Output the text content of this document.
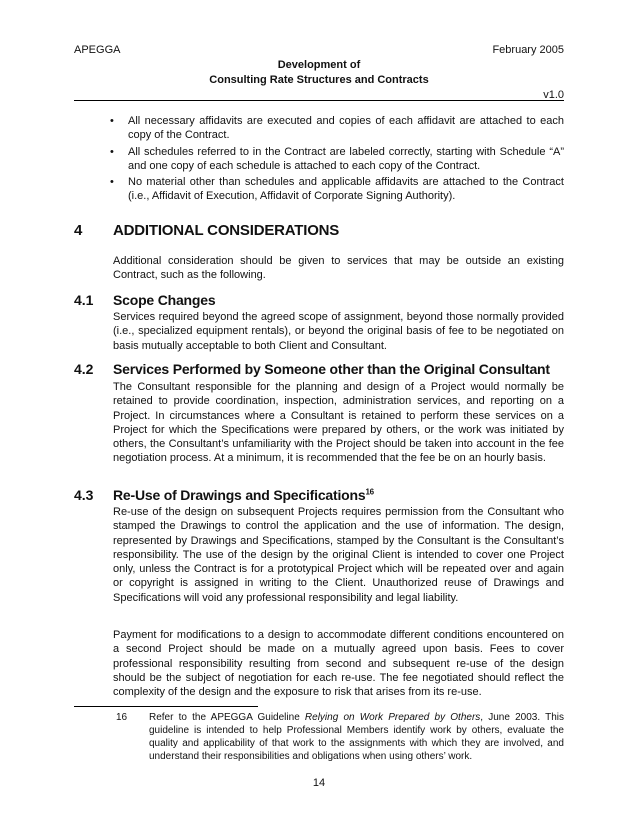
APEGGA	February 2005
Development of
Consulting Rate Structures and Contracts
v1.0
• All necessary affidavits are executed and copies of each affidavit are attached to each copy of the Contract.
• All schedules referred to in the Contract are labeled correctly, starting with Schedule “A” and one copy of each schedule is attached to each copy of the Contract.
• No material other than schedules and applicable affidavits are attached to the Contract (i.e., Affidavit of Execution, Affidavit of Corporate Signing Authority).
4 ADDITIONAL CONSIDERATIONS
Additional consideration should be given to services that may be outside an existing Contract, such as the following.
4.1 Scope Changes
Services required beyond the agreed scope of assignment, beyond those normally provided (i.e., specialized equipment rentals), or beyond the original basis of fee to be negotiated on basis mutually acceptable to both Client and Consultant.
4.2 Services Performed by Someone other than the Original Consultant
The Consultant responsible for the planning and design of a Project would normally be retained to provide coordination, inspection, administration services, and reporting on a Project. In circumstances where a Consultant is retained to perform these services on a Project for which the Specifications were prepared by others, or the work was initiated by others, the Consultant’s unfamiliarity with the Project should be taken into account in the fee negotiation process. At a minimum, it is recommended that the fee be on an hourly basis.
4.3 Re-Use of Drawings and Specifications$^{16}$
Re-use of the design on subsequent Projects requires permission from the Consultant who stamped the Drawings to control the application and the use of information. The design, represented by Drawings and Specifications, stamped by the Consultant is the Consultant’s responsibility. The use of the design by the original Client is intended to cover one Project only, unless the Contract is for a prototypical Project which will be repeated over and again or copyright is assigned in writing to the Client. Unauthorized reuse of Drawings and Specifications will void any professional responsibility and legal liability.
Payment for modifications to a design to accommodate different conditions encountered on a second Project should be made on a mutually agreed upon basis. Fees to cover professional responsibility resulting from second and subsequent re-use of the design should be the subject of negotiation for each re-use. The fee negotiated should reflect the complexity of the design and the exposure to risk that arises from its re-use.
16 Refer to the APEGGA Guideline Relying on Work Prepared by Others, June 2003. This guideline is intended to help Professional Members identify work by others, evaluate the quality and applicability of that work to the assignments with which they are involved, and understand their responsibilities and obligations when using others’ work.
14
